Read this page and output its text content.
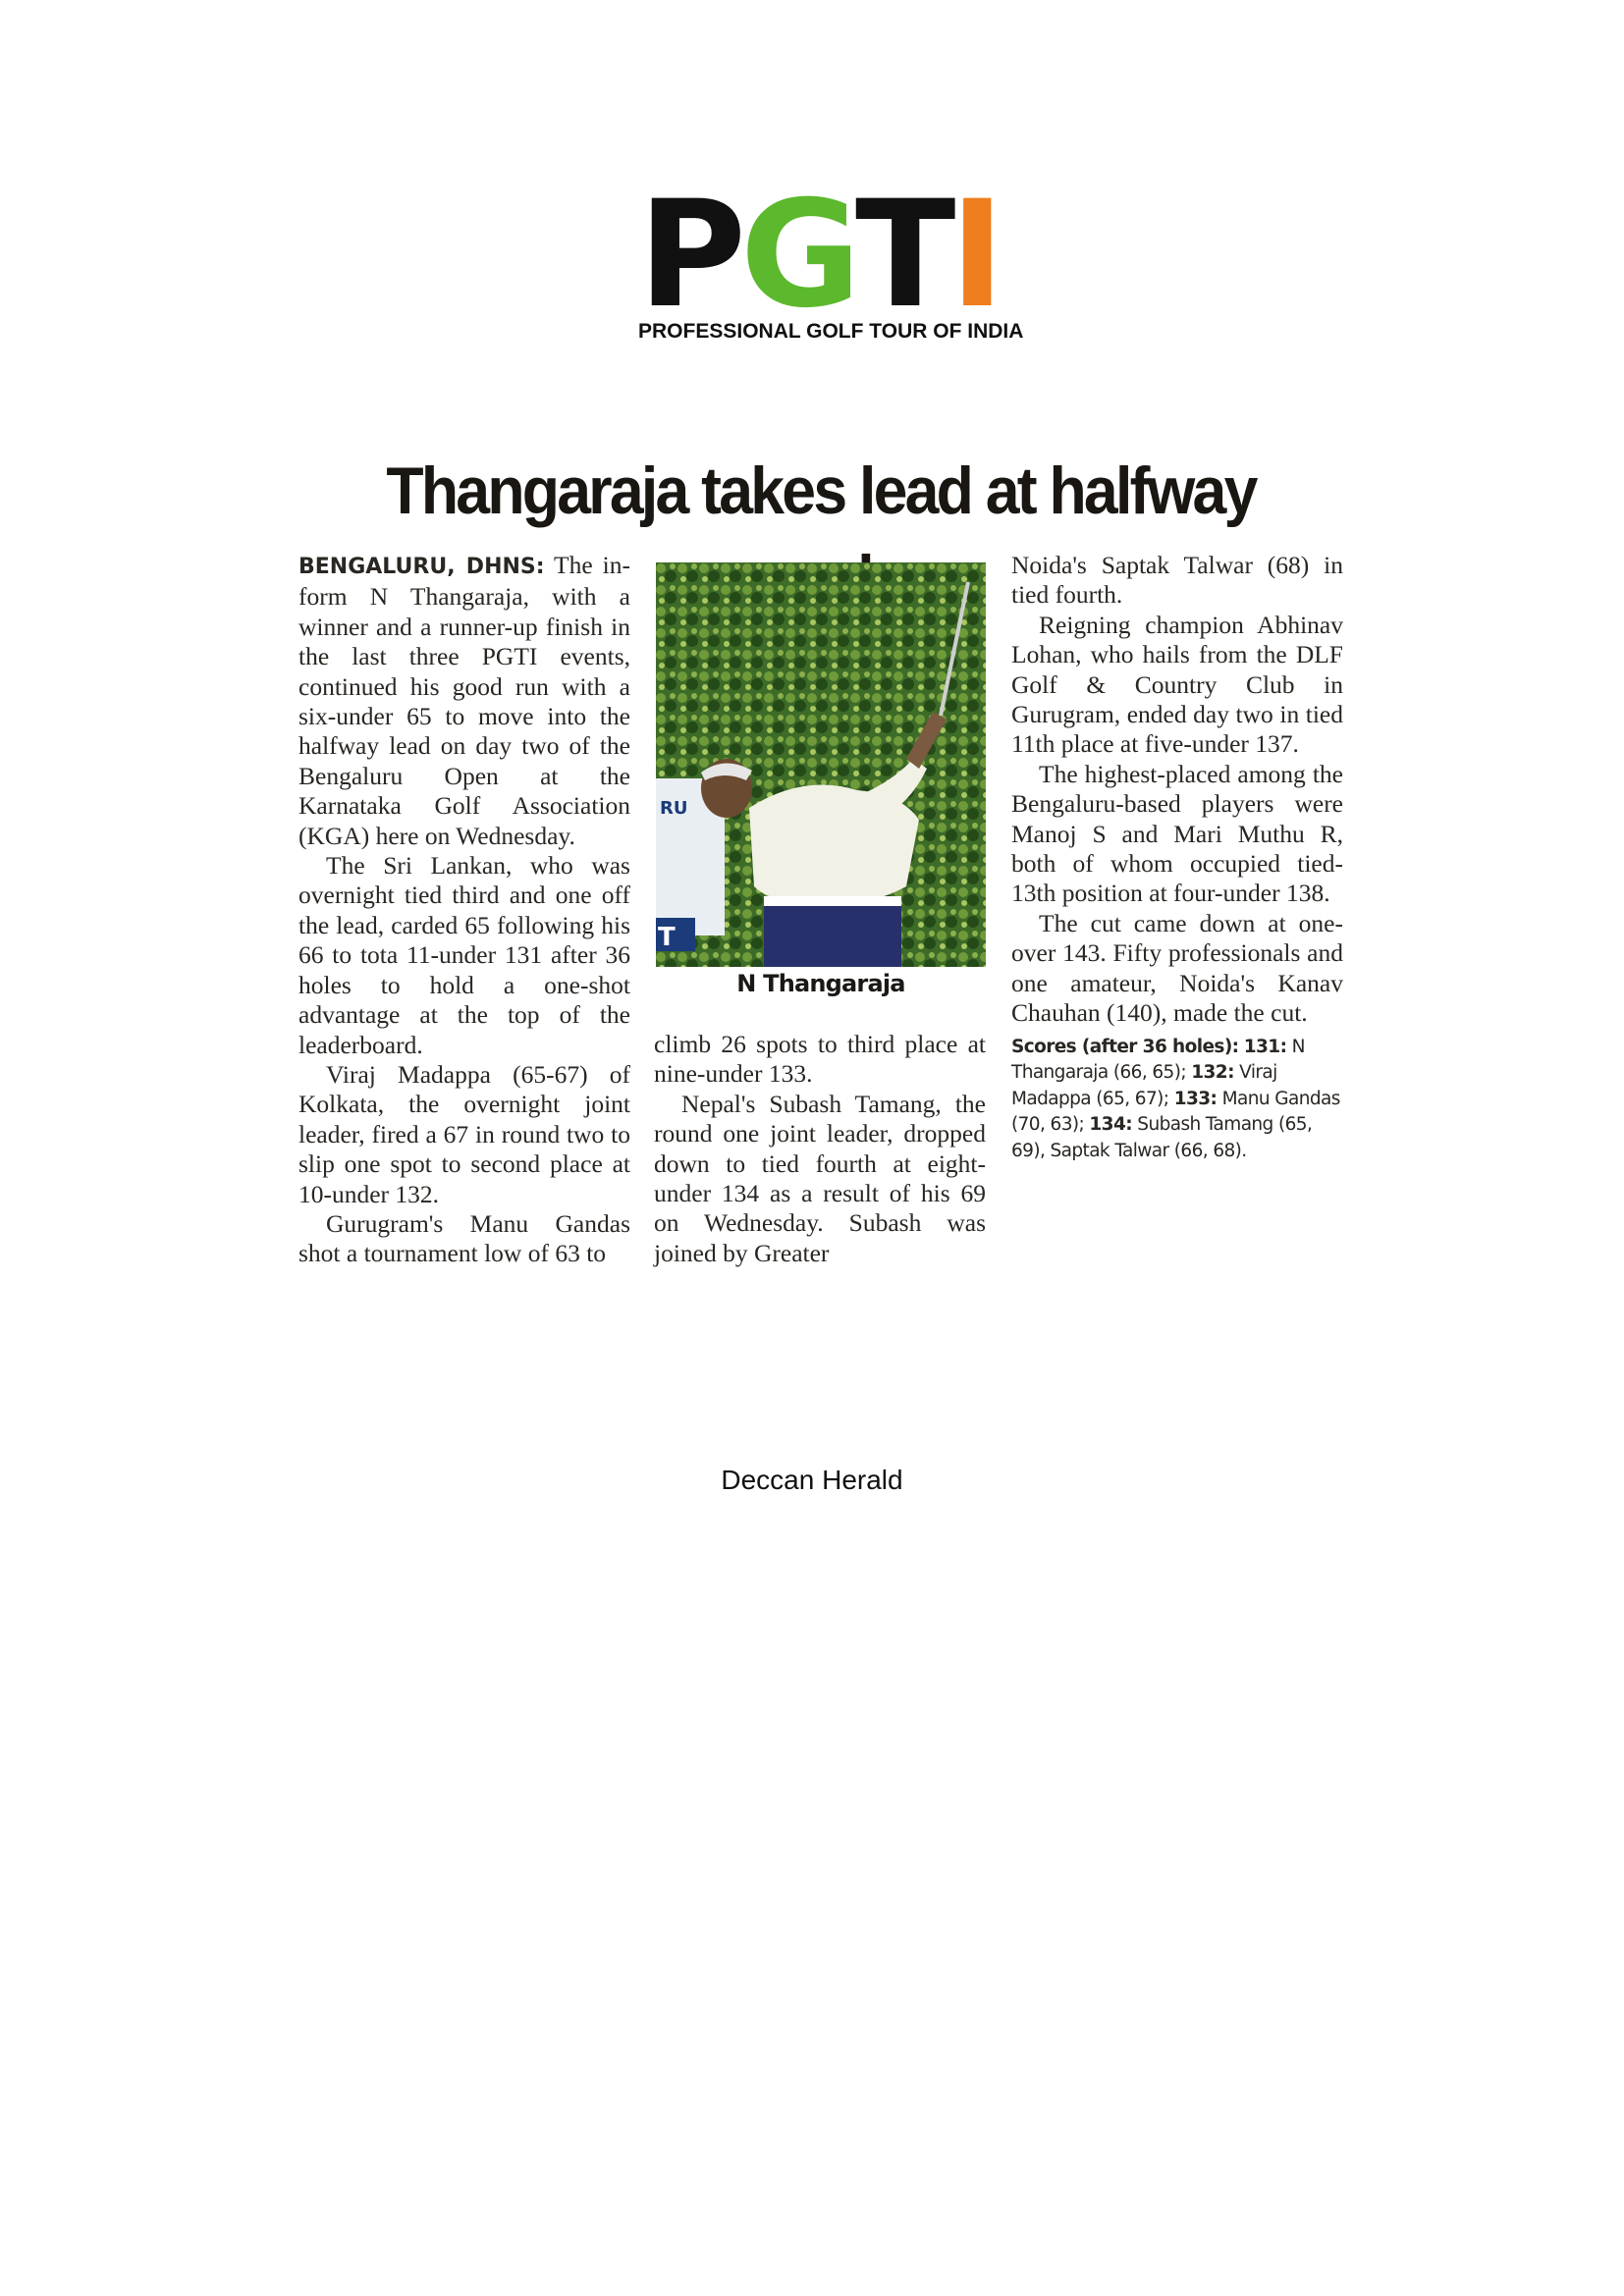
PGTI
PROFESSIONAL GOLF TOUR OF INDIA
Thangaraja takes lead at halfway

BENGALURU, DHNS: The in-form N Thangaraja, with a winner and a runner-up finish in the last three PGTI events, continued his good run with a six-under 65 to move into the halfway lead on day two of the Bengaluru Open at the Karnataka Golf Association (KGA) here on Wednesday.

The Sri Lankan, who was overnight tied third and one off the lead, carded 65 following his 66 to tota 11-under 131 after 36 holes to hold a one-shot advantage at the top of the leaderboard.

Viraj Madappa (65-67) of Kolkata, the overnight joint leader, fired a 67 in round two to slip one spot to second place at 10-under 132.

Gurugram's Manu Gandas shot a tournament low of 63 to

RU
T
N Thangaraja

climb 26 spots to third place at nine-under 133.

Nepal's Subash Tamang, the round one joint leader, dropped down to tied fourth at eight-under 134 as a result of his 69 on Wednesday. Subash was joined by Greater

Noida's Saptak Talwar (68) in tied fourth.

Reigning champion Abhinav Lohan, who hails from the DLF Golf & Country Club in Gurugram, ended day two in tied 11th place at five-under 137.

The highest-placed among the Bengaluru-based players were Manoj S and Mari Muthu R, both of whom occupied tied-13th position at four-under 138.

The cut came down at one-over 143. Fifty professionals and one amateur, Noida's Kanav Chauhan (140), made the cut.

Scores (after 36 holes): 131: N Thangaraja (66, 65); 132: Viraj Madappa (65, 67); 133: Manu Gandas (70, 63); 134: Subash Tamang (65, 69), Saptak Talwar (66, 68).
Deccan Herald
